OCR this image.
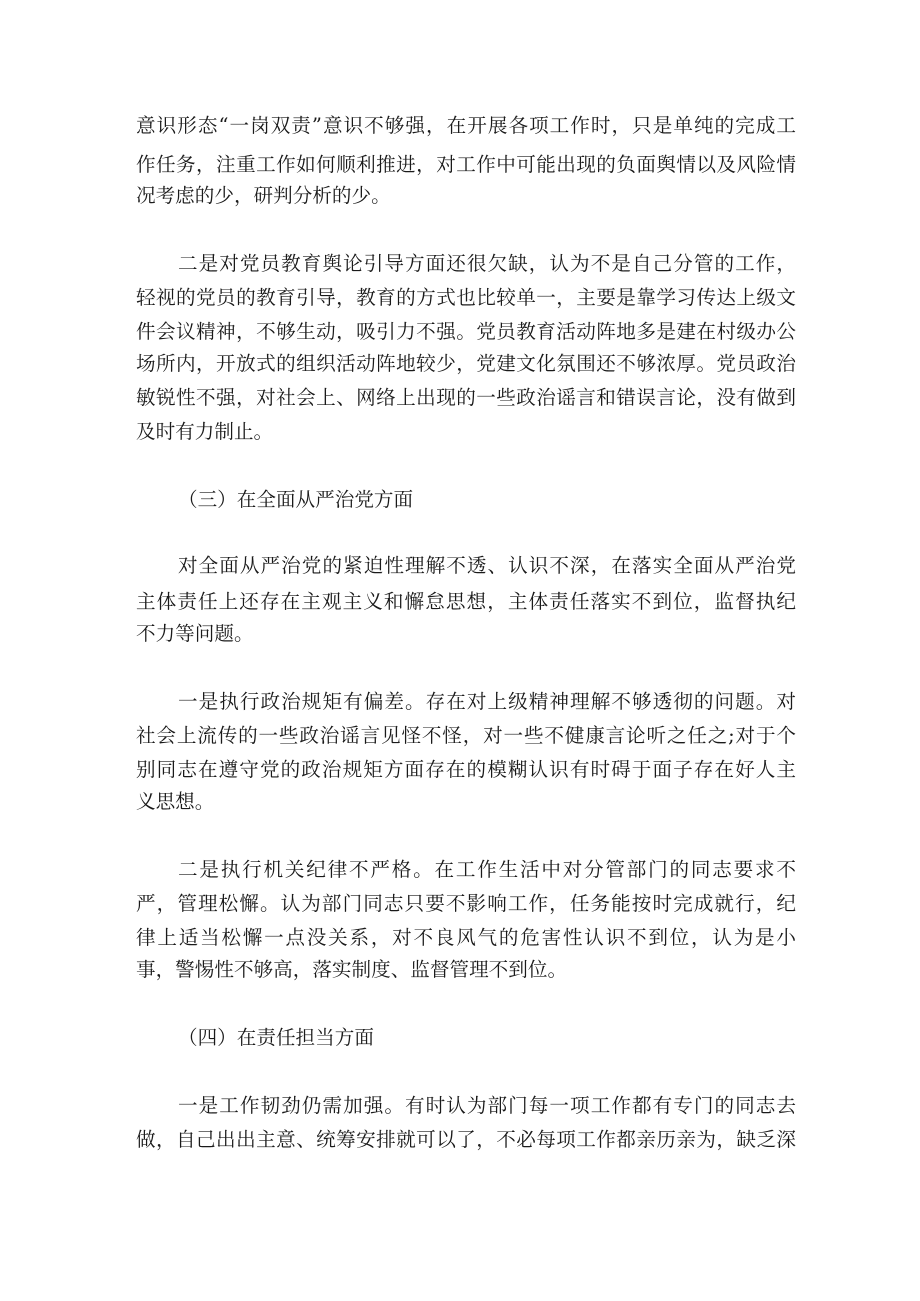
意识形态“一岗双责”意识不够强，在开展各项工作时，只是单纯的完成工
作任务，注重工作如何顺利推进，对工作中可能出现的负面舆情以及风险情
况考虑的少，研判分析的少。
二是对党员教育舆论引导方面还很欠缺，认为不是自己分管的工作，
轻视的党员的教育引导，教育的方式也比较单一，主要是靠学习传达上级文
件会议精神，不够生动，吸引力不强。党员教育活动阵地多是建在村级办公
场所内，开放式的组织活动阵地较少，党建文化氛围还不够浓厚。党员政治
敏锐性不强，对社会上、网络上出现的一些政治谣言和错误言论，没有做到
及时有力制止。
（三）在全面从严治党方面
对全面从严治党的紧迫性理解不透、认识不深，在落实全面从严治党
主体责任上还存在主观主义和懈怠思想，主体责任落实不到位，监督执纪
不力等问题。
一是执行政治规矩有偏差。存在对上级精神理解不够透彻的问题。对
社会上流传的一些政治谣言见怪不怪，对一些不健康言论听之任之;对于个
别同志在遵守党的政治规矩方面存在的模糊认识有时碍于面子存在好人主
义思想。
二是执行机关纪律不严格。在工作生活中对分管部门的同志要求不
严，管理松懈。认为部门同志只要不影响工作，任务能按时完成就行，纪
律上适当松懈一点没关系，对不良风气的危害性认识不到位，认为是小
事，警惕性不够高，落实制度、监督管理不到位。
（四）在责任担当方面
一是工作韧劲仍需加强。有时认为部门每一项工作都有专门的同志去
做，自己出出主意、统筹安排就可以了，不必每项工作都亲历亲为，缺乏深
